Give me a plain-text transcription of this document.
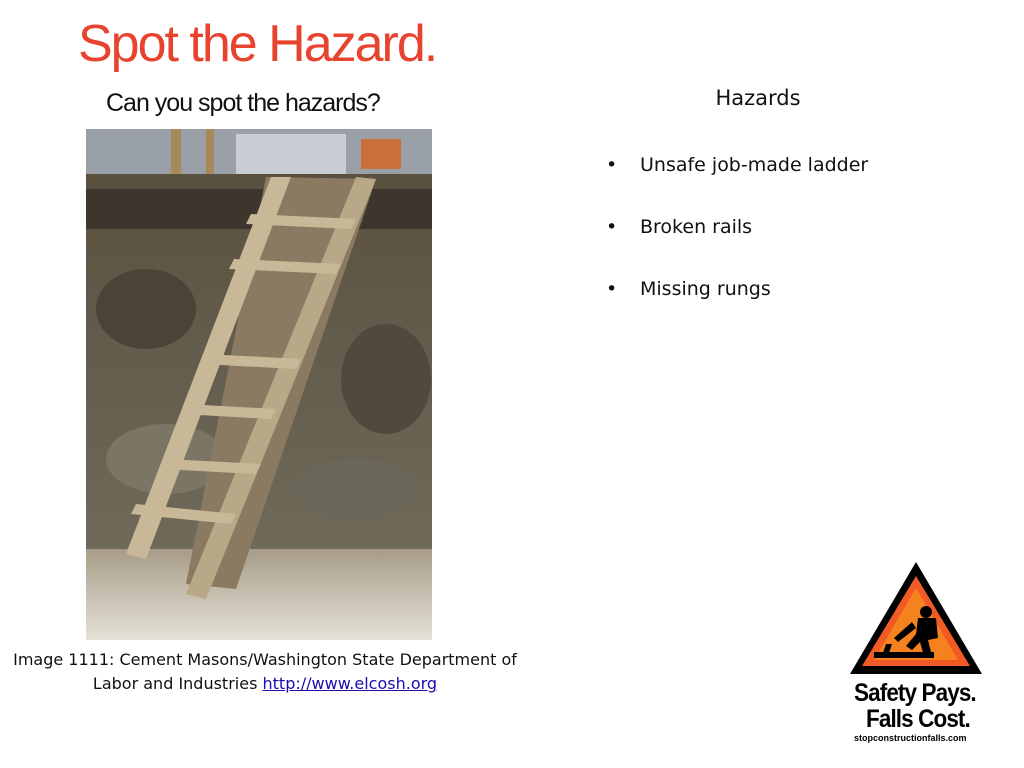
Spot the Hazard.
Can you spot the hazards?
Image 1111: Cement Masons/Washington State Department of Labor and Industries http://www.elcosh.org
Hazards
• Unsafe job-made ladder
• Broken rails
• Missing rungs
Safety Pays.
Falls Cost.
stopconstructionfalls.com
